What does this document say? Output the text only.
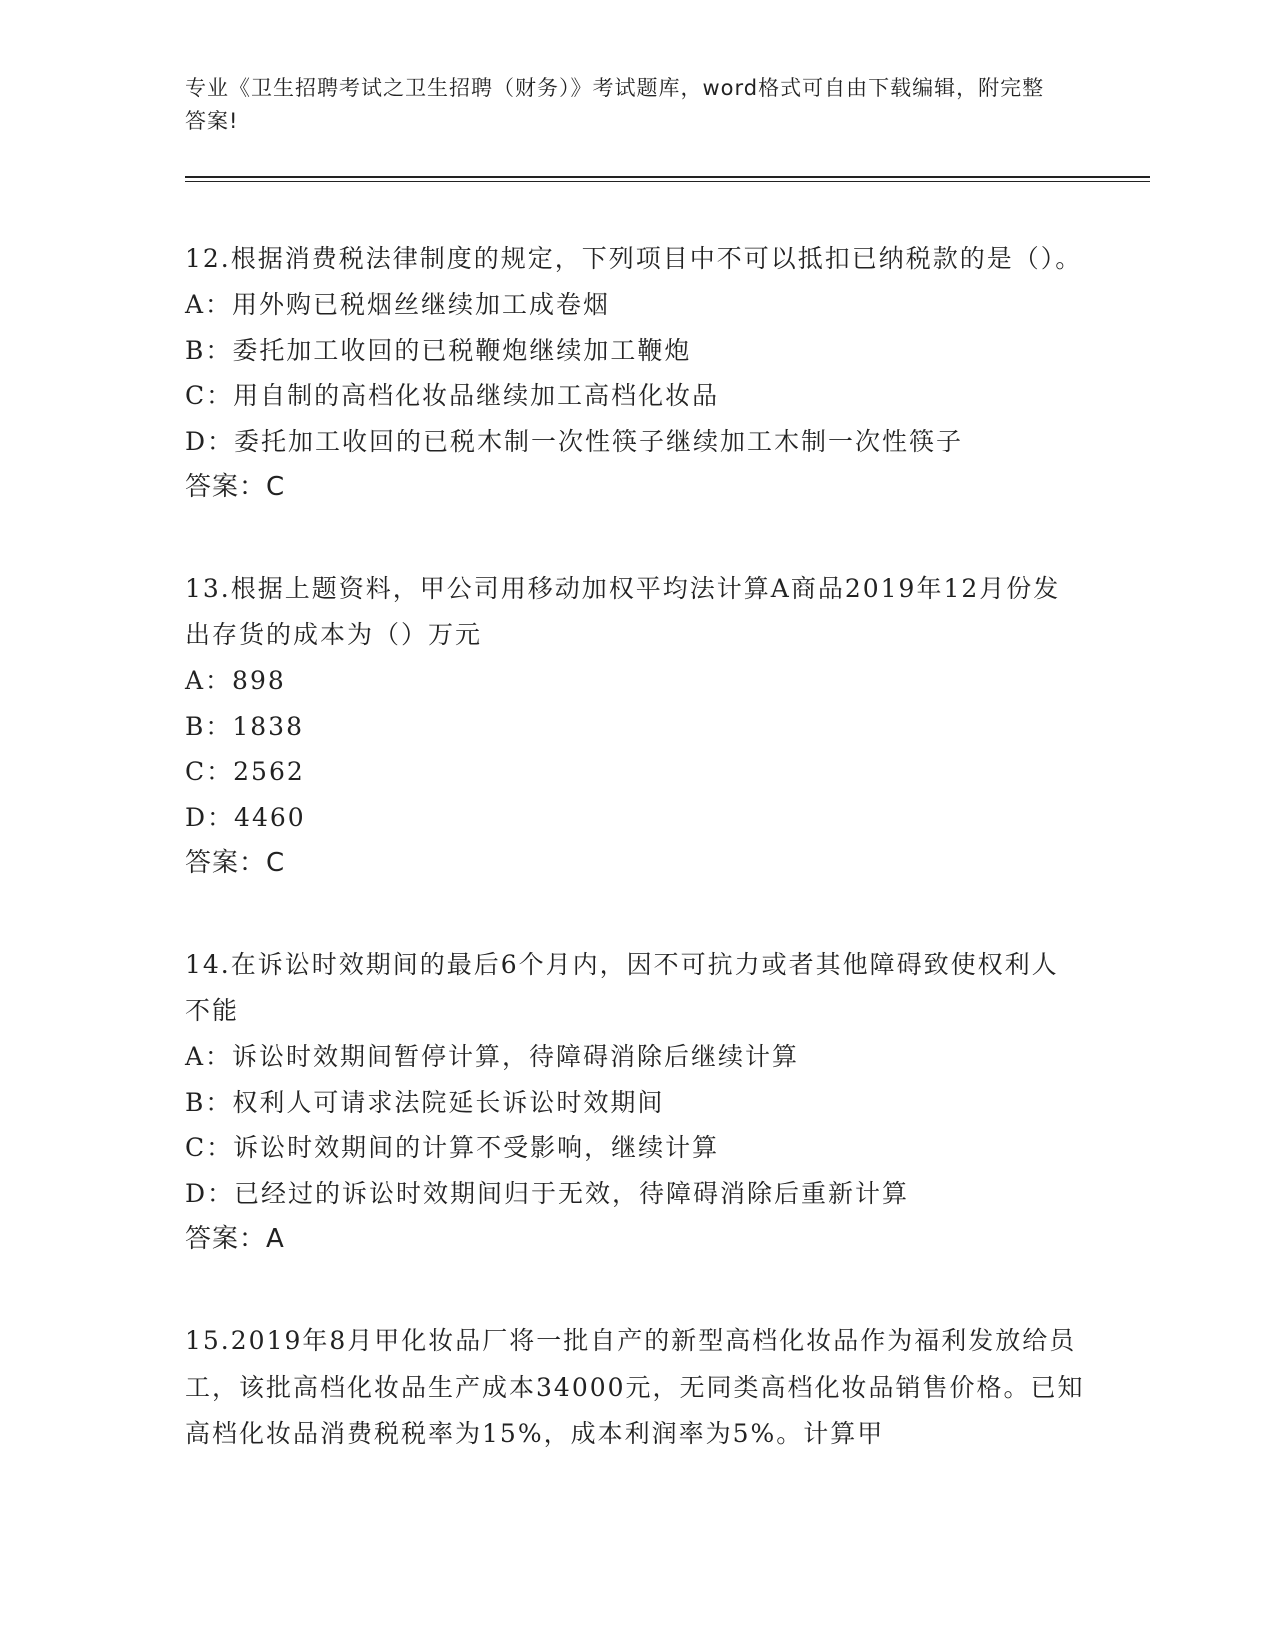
专业《卫生招聘考试之卫生招聘（财务）》考试题库，word格式可自由下载编辑，附完整答案!

12.根据消费税法律制度的规定，下列项目中不可以抵扣已纳税款的是（）。

A：用外购已税烟丝继续加工成卷烟

B：委托加工收回的已税鞭炮继续加工鞭炮

C：用自制的高档化妆品继续加工高档化妆品

D：委托加工收回的已税木制一次性筷子继续加工木制一次性筷子

答案：C

13.根据上题资料，甲公司用移动加权平均法计算A商品2019年12月份发出存货的成本为（）万元

A：898

B：1838

C：2562

D：4460

答案：C

14.在诉讼时效期间的最后6个月内，因不可抗力或者其他障碍致使权利人不能

A：诉讼时效期间暂停计算，待障碍消除后继续计算

B：权利人可请求法院延长诉讼时效期间

C：诉讼时效期间的计算不受影响，继续计算

D：已经过的诉讼时效期间归于无效，待障碍消除后重新计算

答案：A

15.2019年8月甲化妆品厂将一批自产的新型高档化妆品作为福利发放给员工，该批高档化妆品生产成本34000元，无同类高档化妆品销售价格。已知高档化妆品消费税税率为15%，成本利润率为5%。计算甲
